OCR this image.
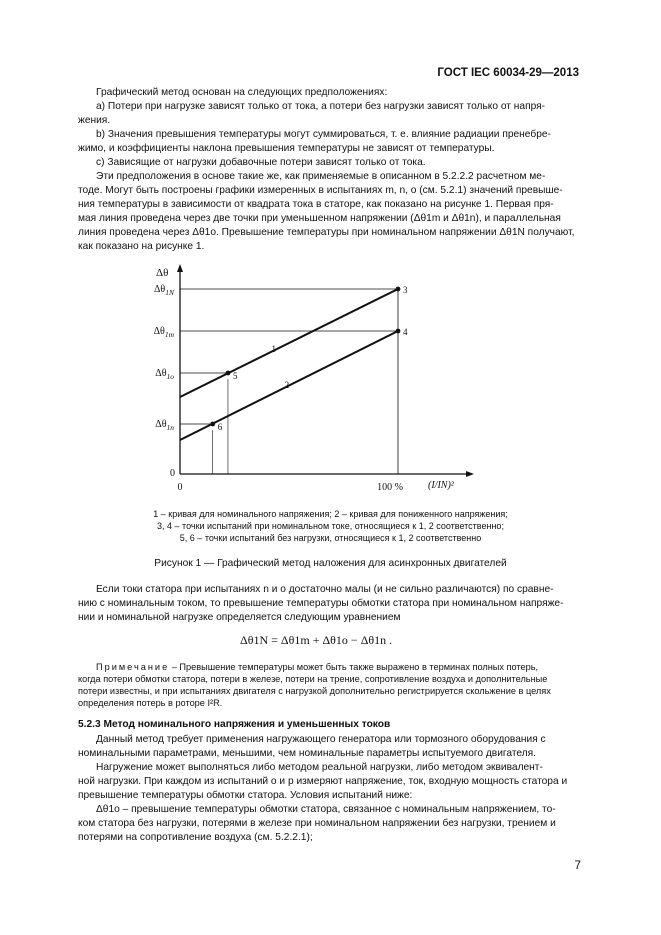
ГОСТ IEC 60034-29—2013
Графический метод основан на следующих предположениях:
a) Потери при нагрузке зависят только от тока, а потери без нагрузки зависят только от напря-
жения.
b) Значения превышения температуры могут суммироваться, т. е. влияние радиации пренебре-
жимо, и коэффициенты наклона превышения температуры не зависят от температуры.
c) Зависящие от нагрузки добавочные потери зависят только от тока.
Эти предположения в основе такие же, как применяемые в описанном в 5.2.2.2 расчетном ме-
тоде. Могут быть построены графики измеренных в испытаниях m, n, o (см. 5.2.1) значений превыше-
ния температуры в зависимости от квадрата тока в статоре, как показано на рисунке 1. Первая пря-
мая линия проведена через две точки при уменьшенном напряжении (Δθ1m и Δθ1n), и параллельная
линия проведена через Δθ1o. Превышение температуры при номинальном напряжении Δθ1N получают,
как показано на рисунке 1.
1
2
3
4
5
6
$\Delta\theta_{1N}$
$\Delta\theta_{1m}$
$\Delta\theta_{1o}$
$\Delta\theta_{1n}$
0
Δθ
0	100 %	(I/IN)²
1 – кривая для номинального напряжения; 2 – кривая для пониженного напряжения;
3, 4 – точки испытаний при номинальном токе, относящиеся к 1, 2 соответственно;
5, 6 – точки испытаний без нагрузки, относящиеся к 1, 2 соответственно
Рисунок 1 — Графический метод наложения для асинхронных двигателей
Если токи статора при испытаниях n и o достаточно малы (и не сильно различаются) по сравне-
нию с номинальным током, то превышение температуры обмотки статора при номинальном напряже-
нии и номинальной нагрузке определяется следующим уравнением
Δθ1N = Δθ1m + Δθ1o − Δθ1n .
Примечание – Превышение температуры может быть также выражено в терминах полных потерь,
когда потери обмотки статора, потери в железе, потери на трение, сопротивление воздуха и дополнительные
потери известны, и при испытаниях двигателя с нагрузкой дополнительно регистрируется скольжение в целях
определения потерь в роторе I²R.
5.2.3 Метод номинального напряжения и уменьшенных токов
Данный метод требует применения нагружающего генератора или тормозного оборудования с
номинальными параметрами, меньшими, чем номинальные параметры испытуемого двигателя.
Нагружение может выполняться либо методом реальной нагрузки, либо методом эквивалент-
ной нагрузки. При каждом из испытаний o и p измеряют напряжение, ток, входную мощность статора и
превышение температуры обмотки статора. Условия испытаний ниже:
Δθ1o – превышение температуры обмотки статора, связанное с номинальным напряжением, то-
ком статора без нагрузки, потерями в железе при номинальном напряжении без нагрузки, трением и
потерями на сопротивление воздуха (см. 5.2.2.1);
7
